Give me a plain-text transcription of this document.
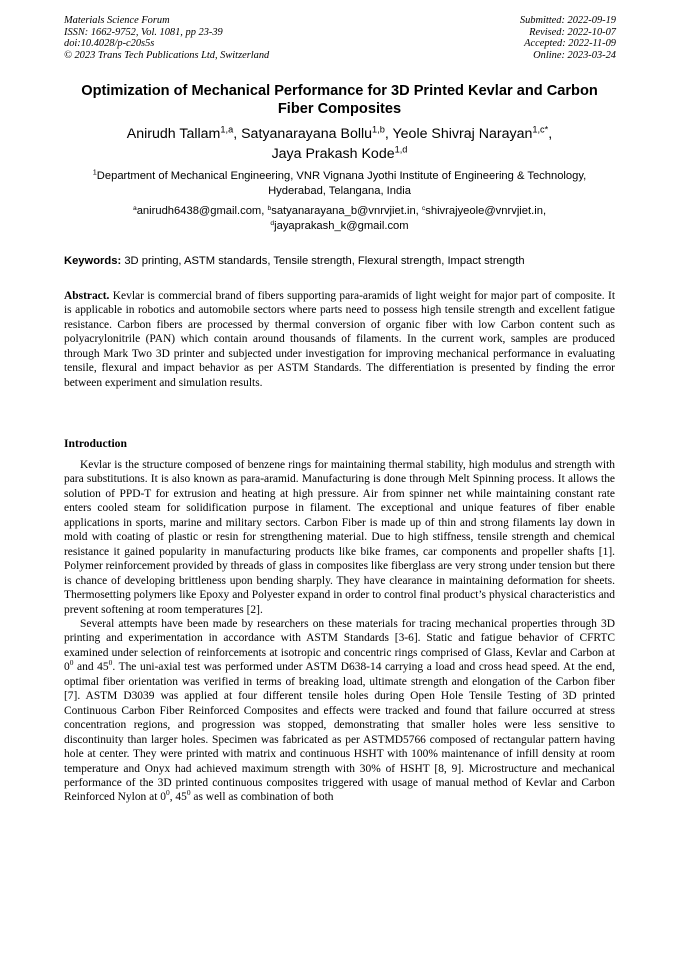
Materials Science Forum
ISSN: 1662-9752, Vol. 1081, pp 23-39
doi:10.4028/p-c20s5s
© 2023 Trans Tech Publications Ltd, Switzerland
Submitted: 2022-09-19
Revised: 2022-10-07
Accepted: 2022-11-09
Online: 2023-03-24
Optimization of Mechanical Performance for 3D Printed Kevlar and Carbon Fiber Composites
Anirudh Tallam$^{1,a}$, Satyanarayana Bollu$^{1,b}$, Yeole Shivraj Narayan$^{1,c*}$,
Jaya Prakash Kode$^{1,d}$
$^1$Department of Mechanical Engineering, VNR Vignana Jyothi Institute of Engineering & Technology, Hyderabad, Telangana, India
$^a$anirudh6438@gmail.com, $^b$satyanarayana_b@vnrvjiet.in, $^c$shivrajyeole@vnrvjiet.in,
$^d$jayaprakash_k@gmail.com
Keywords: 3D printing, ASTM standards, Tensile strength, Flexural strength, Impact strength
Abstract. Kevlar is commercial brand of fibers supporting para-aramids of light weight for major part of composite. It is applicable in robotics and automobile sectors where parts need to possess high tensile strength and excellent fatigue resistance. Carbon fibers are processed by thermal conversion of organic fiber with low Carbon content such as polyacrylonitrile (PAN) which contain around thousands of filaments. In the current work, samples are produced through Mark Two 3D printer and subjected under investigation for improving mechanical performance in evaluating tensile, flexural and impact behavior as per ASTM Standards. The differentiation is presented by finding the error between experiment and simulation results.
Introduction

Kevlar is the structure composed of benzene rings for maintaining thermal stability, high modulus and strength with para substitutions. It is also known as para-aramid. Manufacturing is done through Melt Spinning process. It allows the solution of PPD-T for extrusion and heating at high pressure. Air from spinner net while maintaining constant rate enters cooled steam for solidification purpose in filament. The exceptional and unique features of fiber enable applications in sports, marine and military sectors. Carbon Fiber is made up of thin and strong filaments lay down in mold with coating of plastic or resin for strengthening material. Due to high stiffness, tensile strength and chemical resistance it gained popularity in manufacturing products like bike frames, car components and propeller shafts [1]. Polymer reinforcement provided by threads of glass in composites like fiberglass are very strong under tension but there is chance of developing brittleness upon bending sharply. They have clearance in maintaining deformation for sheets. Thermosetting polymers like Epoxy and Polyester expand in order to control final product’s physical characteristics and prevent softening at room temperatures [2].

Several attempts have been made by researchers on these materials for tracing mechanical properties through 3D printing and experimentation in accordance with ASTM Standards [3-6]. Static and fatigue behavior of CFRTC examined under selection of reinforcements at isotropic and concentric rings comprised of Glass, Kevlar and Carbon at $0^0$ and $45^0$. The uni-axial test was performed under ASTM D638-14 carrying a load and cross head speed. At the end, optimal fiber orientation was verified in terms of breaking load, ultimate strength and elongation of the Carbon fiber [7]. ASTM D3039 was applied at four different tensile holes during Open Hole Tensile Testing of 3D printed Continuous Carbon Fiber Reinforced Composites and effects were tracked and found that failure occurred at stress concentration regions, and progression was stopped, demonstrating that smaller holes were less sensitive to discontinuity than larger holes. Specimen was fabricated as per ASTMD5766 composed of rectangular pattern having hole at center. They were printed with matrix and continuous HSHT with 100% maintenance of infill density at room temperature and Onyx had achieved maximum strength with 30% of HSHT [8, 9]. Microstructure and mechanical performance of the 3D printed continuous composites triggered with usage of manual method of Kevlar and Carbon Reinforced Nylon at $0^0$, $45^0$ as well as combination of both
